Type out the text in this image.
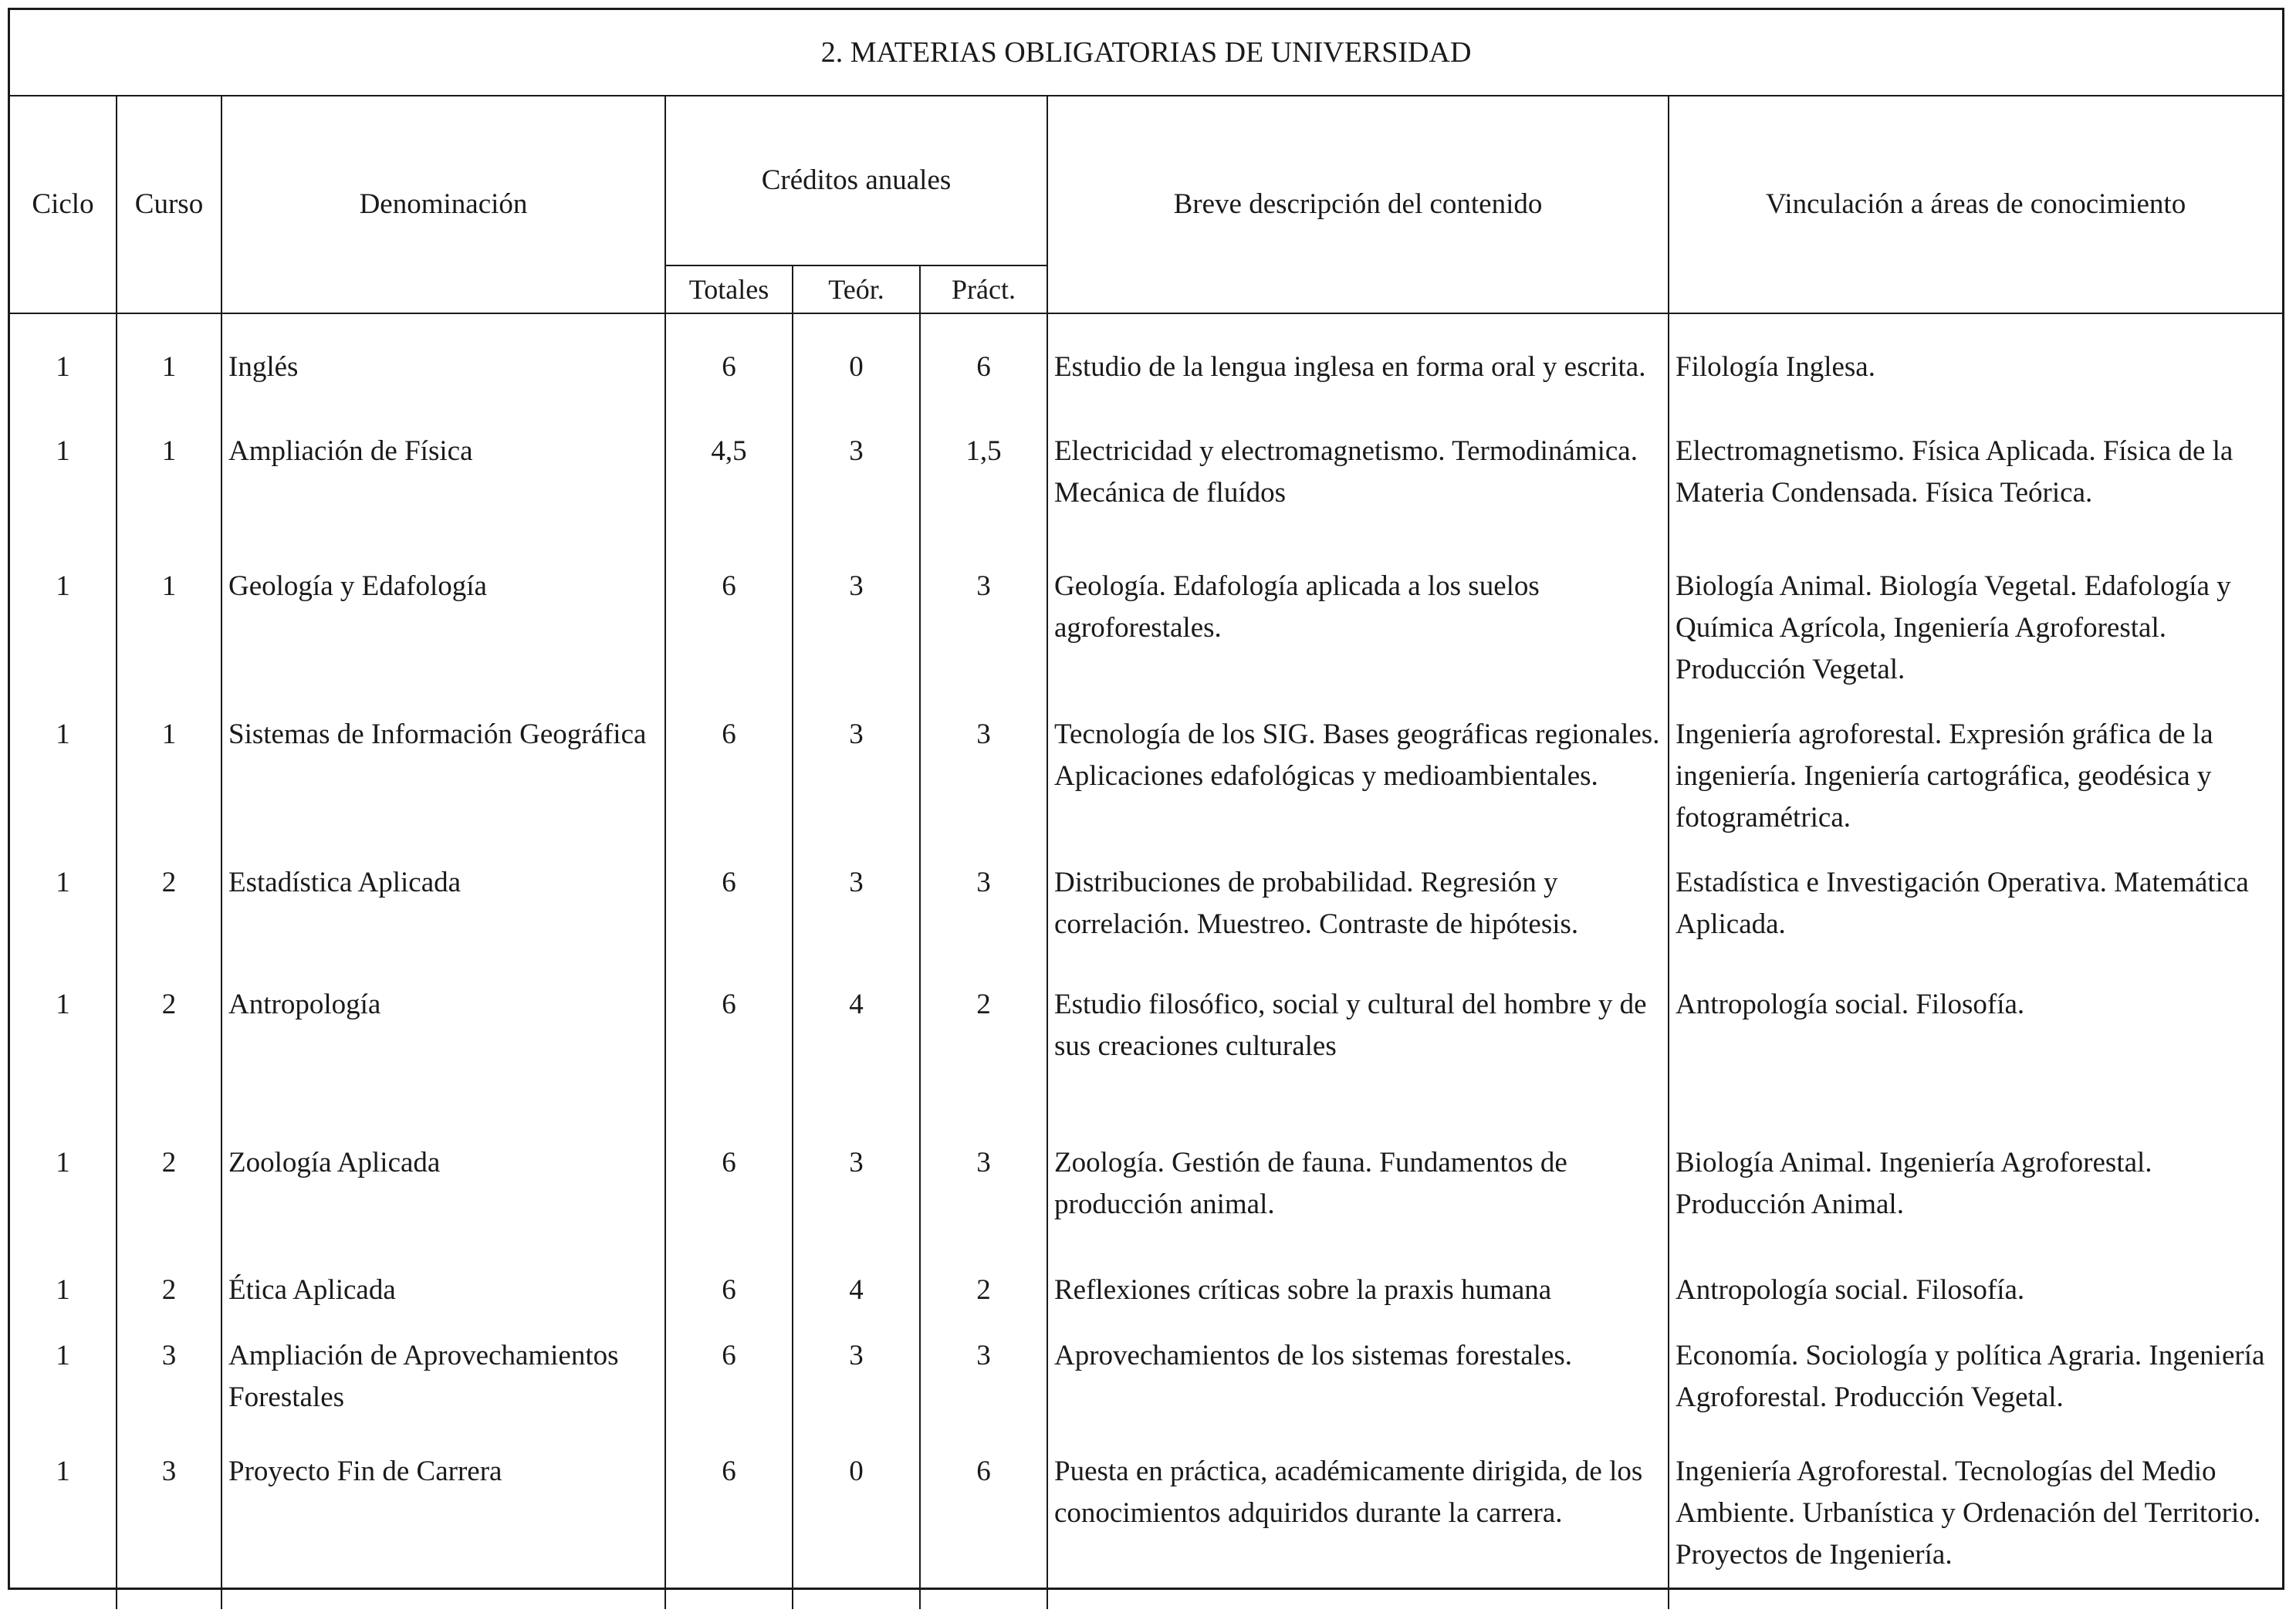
2. MATERIAS OBLIGATORIAS DE UNIVERSIDAD							
Ciclo	Curso	Denominación	Créditos anuales			Breve descripción del contenido	Vinculación a áreas de conocimiento
			Totales	Teór.	Práct.		
1	1	Inglés	6	0	6	Estudio de la lengua inglesa en forma oral y escrita.	Filología Inglesa.
1	1	Ampliación de Física	4,5	3	1,5	Electricidad y electromagnetismo. Termodinámica. Mecánica de fluídos	Electromagnetismo. Física Aplicada. Física de la Materia Condensada. Física Teórica.
1	1	Geología y Edafología	6	3	3	Geología. Edafología aplicada a los suelos agroforestales.	Biología Animal. Biología Vegetal. Edafología y Química Agrícola, Ingeniería Agroforestal. Producción Vegetal.
1	1	Sistemas de Información Geográfica	6	3	3	Tecnología de los SIG. Bases geográficas regionales. Aplicaciones edafológicas y medioambientales.	Ingeniería agroforestal. Expresión gráfica de la ingeniería. Ingeniería cartográfica, geodésica y fotogramétrica.
1	2	Estadística Aplicada	6	3	3	Distribuciones de probabilidad. Regresión y correlación. Muestreo. Contraste de hipótesis.	Estadística e Investigación Operativa. Matemática Aplicada.
1	2	Antropología	6	4	2	Estudio filosófico, social y cultural del hombre y de sus creaciones culturales	Antropología social. Filosofía.
1	2	Zoología Aplicada	6	3	3	Zoología. Gestión de fauna. Fundamentos de producción animal.	Biología Animal. Ingeniería Agroforestal. Producción Animal.
1	2	Ética Aplicada	6	4	2	Reflexiones críticas sobre la praxis humana	Antropología social. Filosofía.
1	3	Ampliación de Aprovechamientos Forestales	6	3	3	Aprovechamientos de los sistemas forestales.	Economía. Sociología y política Agraria. Ingeniería Agroforestal. Producción Vegetal.
1	3	Proyecto Fin de Carrera	6	0	6	Puesta en práctica, académicamente dirigida, de los conocimientos adquiridos durante la carrera.	Ingeniería Agroforestal. Tecnologías del Medio Ambiente. Urbanística y Ordenación del Territorio. Proyectos de Ingeniería.
